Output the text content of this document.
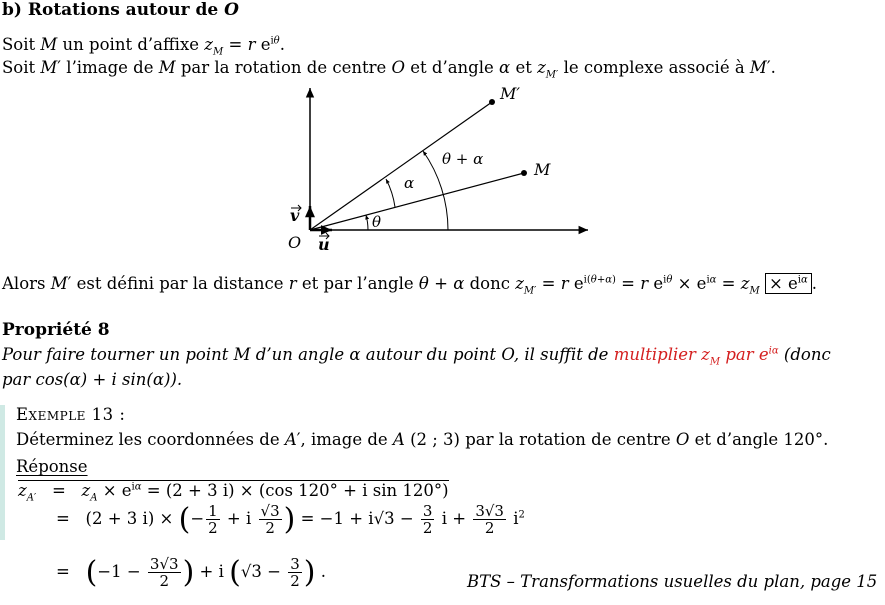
b) Rotations autour de O
Soit M un point d’affixe $z_M = r$ $e^{i\theta}$.
Soit M′ l’image de M par la rotation de centre O et d’angle α et $z_{M'}$ le complexe associé à M′.
M′
M
θ
α
θ + α
O u
v
Alors M′ est défini par la distance r et par l’angle θ + α donc $z_{M'} = r$ $e^{i(\theta+\alpha)} = r$ $e^{i\theta} \times e^{i\alpha} = z_M \times e^{i\alpha}$ .
Propriété 8
Pour faire tourner un point M d’un angle α autour du point O, il suffit de multiplier $z_M$ par $e^{i\alpha}$ (donc
par cos(α) + i sin(α)).
Exemple 13 :
Déterminez les coordonnées de A′, image de A (2 ; 3) par la rotation de centre O et d’angle 120°.
Réponse
$z_{A'} = z_A \times e^{i\alpha} = (2 + 3$ i) × (cos 120° + i sin 120°)
=   (2 + 3 i) × (− $\frac{1}{2} + i \frac{√3}{2}$ ) = $-1 + i√3 - \frac{3}{2}$ $i + \frac{3√3}{2} i^2$
=   ($-1 - \frac{3√3}{2}$ ) + i ($√3 - \frac{3}{2}$ ) .
BTS – Transformations usuelles du plan, page 15
